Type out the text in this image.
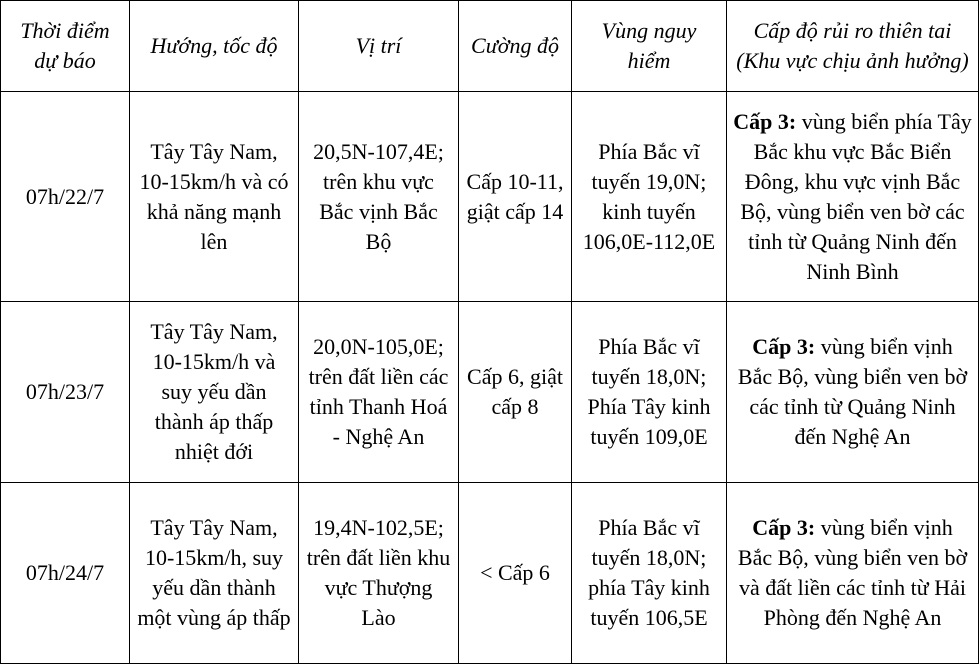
Thời điểm dự báo	Hướng, tốc độ	Vị trí	Cường độ	Vùng nguy hiểm	Cấp độ rủi ro thiên tai (Khu vực chịu ảnh hưởng)
07h/22/7	Tây Tây Nam, 10-15km/h và có khả năng mạnh lên	20,5N-107,4E; trên khu vực Bắc vịnh Bắc Bộ	Cấp 10-11, giật cấp 14	Phía Bắc vĩ tuyến 19,0N; kinh tuyến 106,0E-112,0E	Cấp 3: vùng biển phía Tây Bắc khu vực Bắc Biển Đông, khu vực vịnh Bắc Bộ, vùng biển ven bờ các tỉnh từ Quảng Ninh đến Ninh Bình
07h/23/7	Tây Tây Nam, 10-15km/h và suy yếu dần thành áp thấp nhiệt đới	20,0N-105,0E; trên đất liền các tỉnh Thanh Hoá - Nghệ An	Cấp 6, giật cấp 8	Phía Bắc vĩ tuyến 18,0N; Phía Tây kinh tuyến 109,0E	Cấp 3: vùng biển vịnh Bắc Bộ, vùng biển ven bờ các tỉnh từ Quảng Ninh đến Nghệ An
07h/24/7	Tây Tây Nam, 10-15km/h, suy yếu dần thành một vùng áp thấp	19,4N-102,5E; trên đất liền khu vực Thượng Lào	< Cấp 6	Phía Bắc vĩ tuyến 18,0N; phía Tây kinh tuyến 106,5E	Cấp 3: vùng biển vịnh Bắc Bộ, vùng biển ven bờ và đất liền các tỉnh từ Hải Phòng đến Nghệ An
